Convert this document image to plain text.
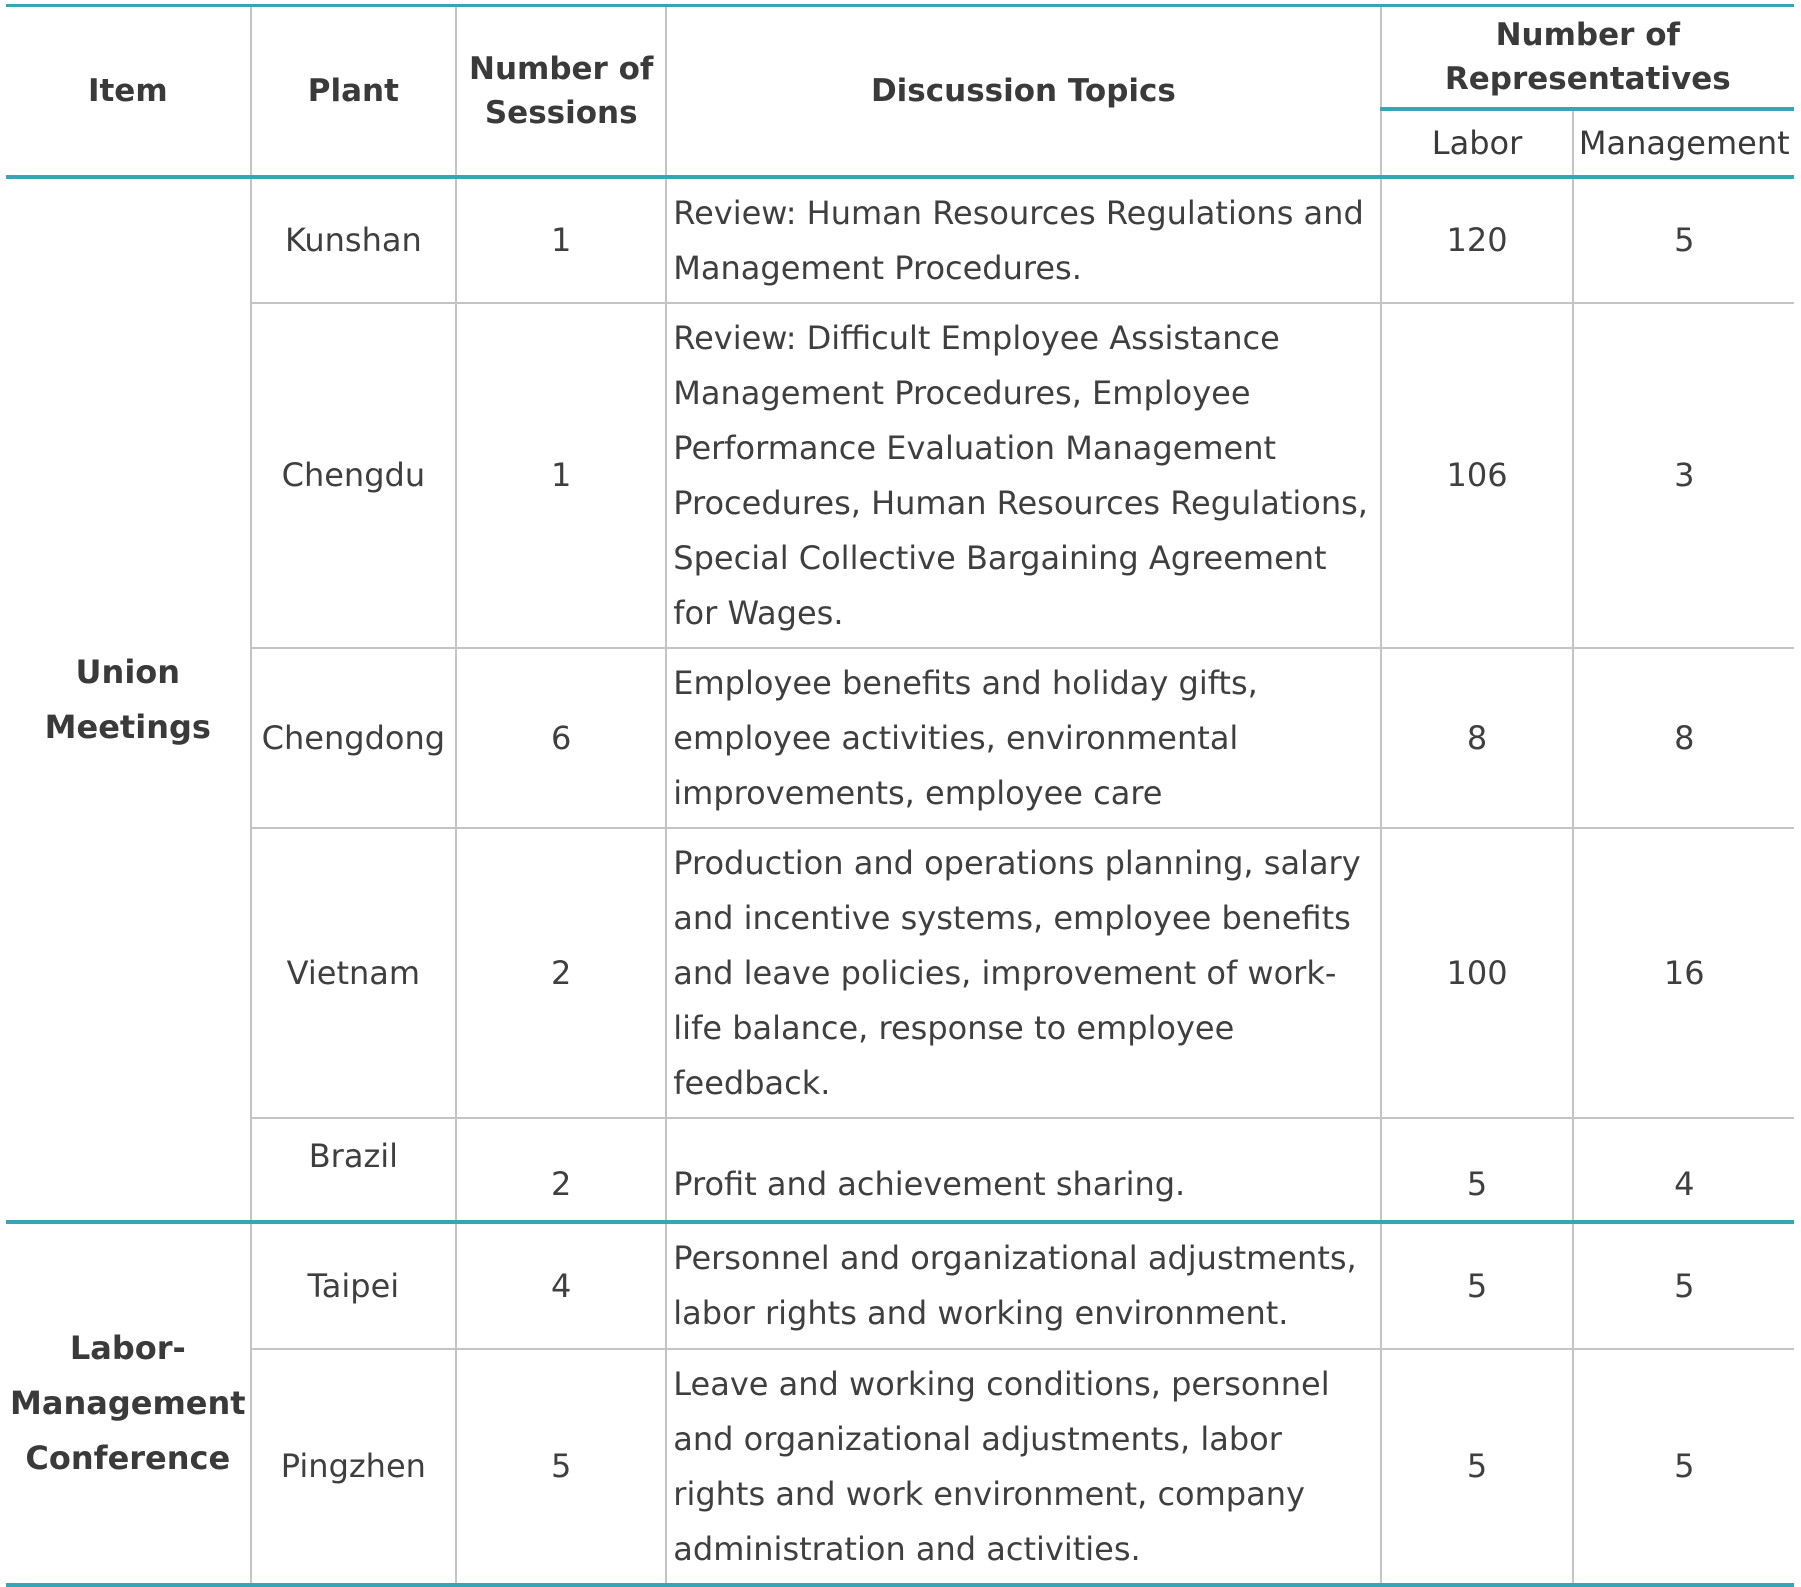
Item	Plant	Number of Sessions	Discussion Topics	Number of Representatives	
				Labor	Management
Union Meetings	Kunshan	1	Review: Human Resources Regulations and Management Procedures.	120	5
	Chengdu	1	Review: Difficult Employee Assistance Management Procedures, Employee Performance Evaluation Management Procedures, Human Resources Regulations, Special Collective Bargaining Agreement for Wages.	106	3
	Chengdong	6	Employee benefits and holiday gifts, employee activities, environmental improvements, employee care	8	8
	Vietnam	2	Production and operations planning, salary and incentive systems, employee benefits and leave policies, improvement of work-life balance, response to employee feedback.	100	16
	Brazil	2	Profit and achievement sharing.	5	4
Labor-Management Conference	Taipei	4	Personnel and organizational adjustments, labor rights and working environment.	5	5
	Pingzhen	5	Leave and working conditions, personnel and organizational adjustments, labor rights and work environment, company administration and activities.	5	5
